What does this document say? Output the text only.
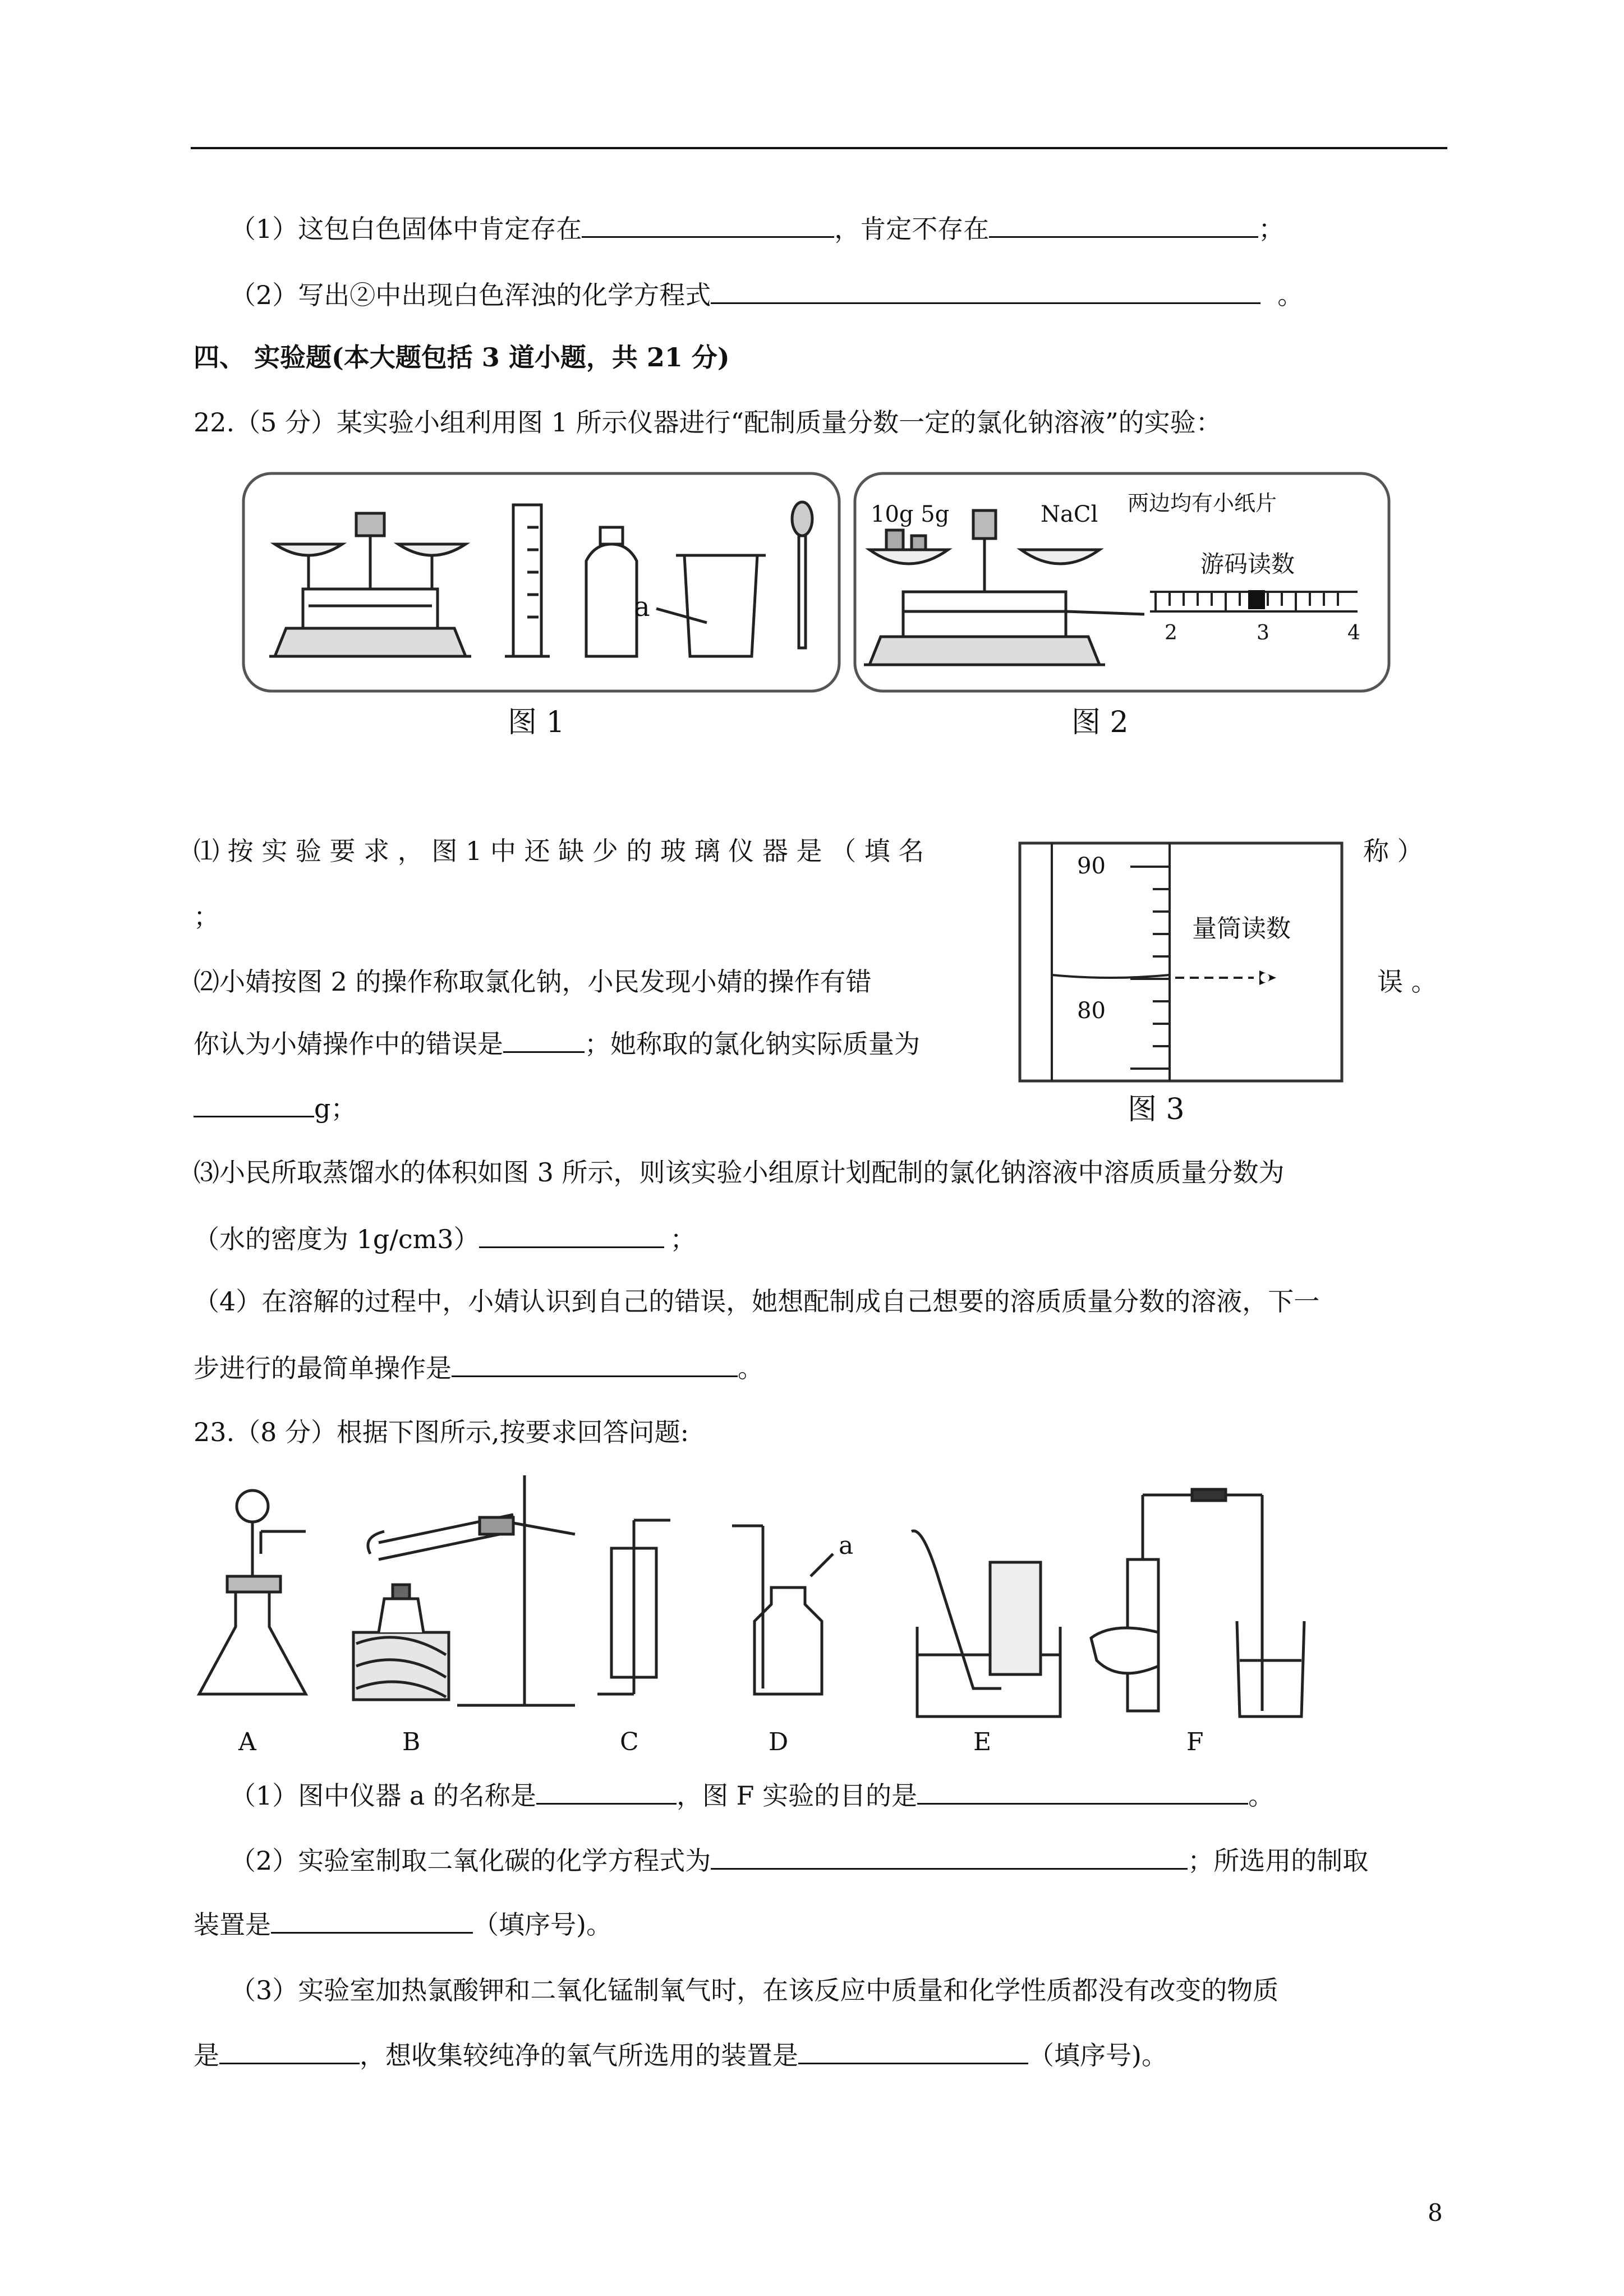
（1）这包白色固体中肯定存在	，肯定不存在	；
（2）写出②中出现白色浑浊的化学方程式	。
四、 实验题(本大题包括 3 道小题，共 21 分)
22.（5 分）某实验小组利用图 1 所示仪器进行“配制质量分数一定的氯化钠溶液”的实验：
a
图 1
10g 5g	NaCl 两边均有小纸片
游码读数
2	3	4
图 2
90
80
量筒读数
图 3
⑴ 按 实 验 要 求 ， 图 1 中 还 缺 少 的 玻 璃 仪 器 是 （ 填 名	称 ）
；
⑵小婧按图 2 的操作称取氯化钠，小民发现小婧的操作有错	误 。
你认为小婧操作中的错误是	；她称取的氯化钠实际质量为
g；
⑶小民所取蒸馏水的体积如图 3 所示，则该实验小组原计划配制的氯化钠溶液中溶质质量分数为
（水的密度为 1g/cm3）	；
（4）在溶解的过程中，小婧认识到自己的错误，她想配制成自己想要的溶质质量分数的溶液，下一
步进行的最简单操作是	。
23.（8 分）根据下图所示,按要求回答问题:
a
A	B	C	D	E	F
（1）图中仪器 a 的名称是	，图 F 实验的目的是	。
（2）实验室制取二氧化碳的化学方程式为	；所选用的制取
装置是	（填序号)。
（3）实验室加热氯酸钾和二氧化锰制氧气时，在该反应中质量和化学性质都没有改变的物质
是	，想收集较纯净的氧气所选用的装置是	（填序号)。
8
